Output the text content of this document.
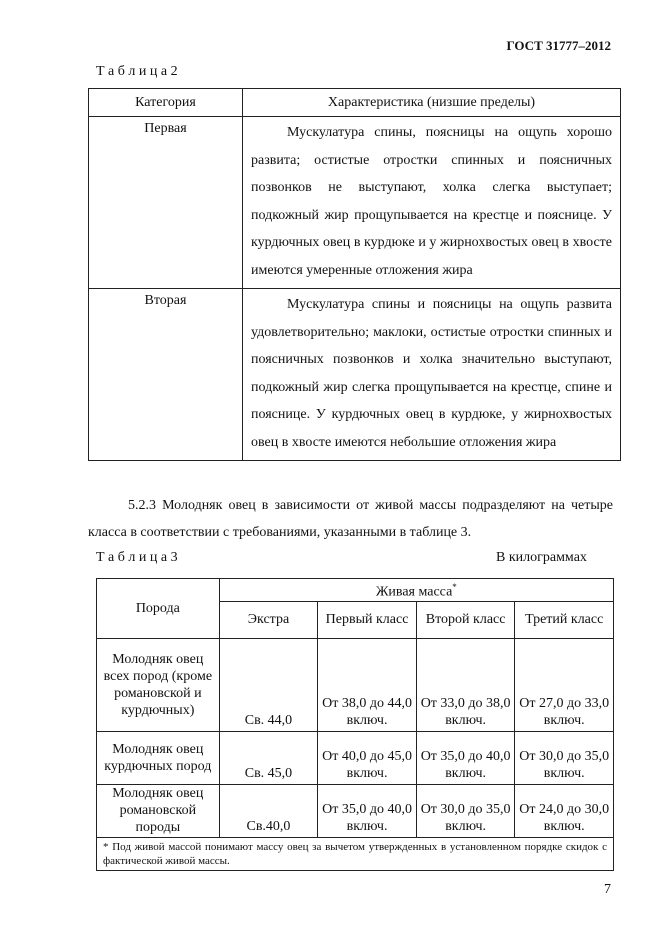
ГОСТ 31777–2012
Т а б л и ц а 2
Категория	Характеристика (низшие пределы)
Первая	Мускулатура спины, поясницы на ощупь хорошо развита; остистые отростки спинных и поясничных позвонков не выступают, холка слегка выступает; подкожный жир прощупывается на крестце и пояснице. У курдючных овец в курдюке и у жирнохвостых овец в хвосте имеются умеренные отложения жира
Вторая	Мускулатура спины и поясницы на ощупь развита удовлетворительно; маклоки, остистые отростки спинных и поясничных позвонков и холка значительно выступают, подкожный жир слегка прощупывается на крестце, спине и пояснице. У курдючных овец в курдюке, у жирнохвостых овец в хвосте имеются небольшие отложения жира
5.2.3 Молодняк овец в зависимости от живой массы подразделяют на четыре класса в соответствии с требованиями, указанными в таблице 3.
Т а б л и ц а 3	В килограммах
Порода	Живая масса*
	Экстра	Первый класс	Второй класс	Третий класс
Молодняк овец всех пород (кроме романовской и курдючных)	Св. 44,0	От 38,0 до 44,0 включ.	От 33,0 до 38,0 включ.	От 27,0 до 33,0 включ.
Молодняк овец курдючных пород	Св. 45,0	От 40,0 до 45,0 включ.	От 35,0 до 40,0 включ.	От 30,0 до 35,0 включ.
Молодняк овец романовской породы	Св.40,0	От 35,0 до 40,0 включ.	От 30,0 до 35,0 включ.	От 24,0 до 30,0 включ.
* Под живой массой понимают массу овец за вычетом утвержденных в установленном порядке скидок с фактической живой массы.				
7
